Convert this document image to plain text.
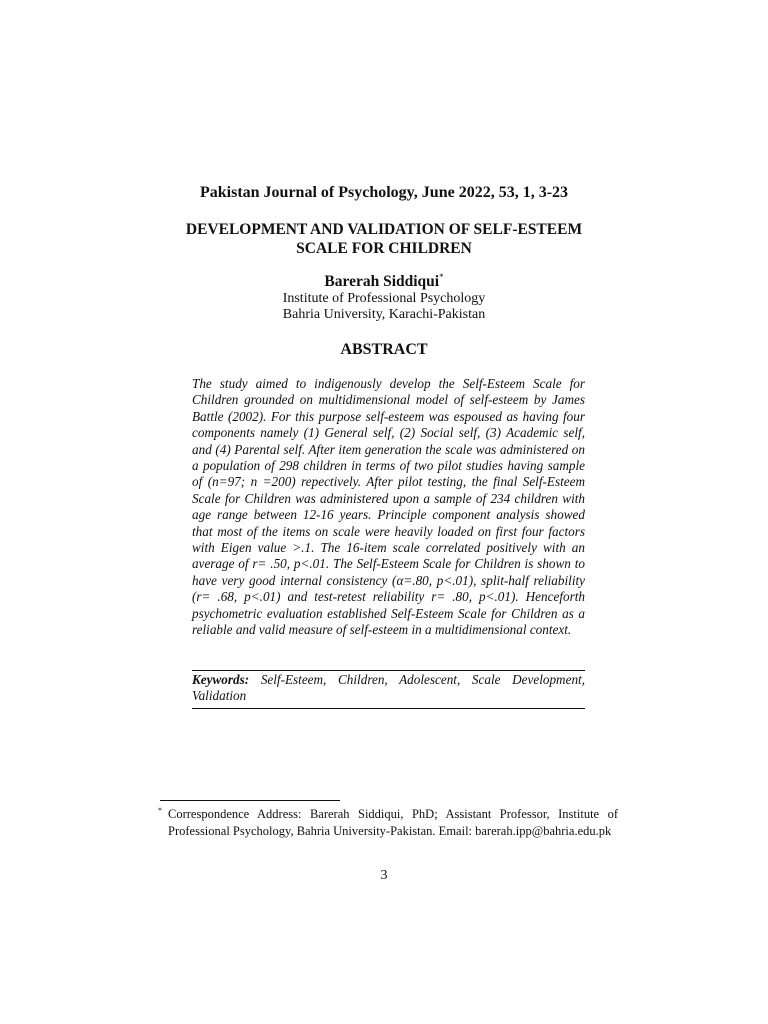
Pakistan Journal of Psychology, June 2022, 53, 1, 3-23
DEVELOPMENT AND VALIDATION OF SELF-ESTEEM
SCALE FOR CHILDREN
Barerah Siddiqui*
Institute of Professional Psychology
Bahria University, Karachi-Pakistan
ABSTRACT

The study aimed to indigenously develop the Self-Esteem Scale for Children grounded on multidimensional model of self-esteem by James Battle (2002). For this purpose self-esteem was espoused as having four components namely (1) General self, (2) Social self, (3) Academic self, and (4) Parental self. After item generation the scale was administered on a population of 298 children in terms of two pilot studies having sample of (n=97; n =200) repectively. After pilot testing, the final Self-Esteem Scale for Children was administered upon a sample of 234 children with age range between 12-16 years. Principle component analysis showed that most of the items on scale were heavily loaded on first four factors with Eigen value >.1. The 16-item scale correlated positively with an average of r= .50, p<.01. The Self-Esteem Scale for Children is shown to have very good internal consistency (α=.80, p<.01), split-half reliability (r= .68, p<.01) and test-retest reliability r= .80, p<.01). Henceforth psychometric evaluation established Self-Esteem Scale for Children as a reliable and valid measure of self-esteem in a multidimensional context.

Keywords: Self-Esteem, Children, Adolescent, Scale Development, Validation

* Correspondence Address: Barerah Siddiqui, PhD; Assistant Professor, Institute of Professional Psychology, Bahria University-Pakistan. Email: barerah.ipp@bahria.edu.pk

3
